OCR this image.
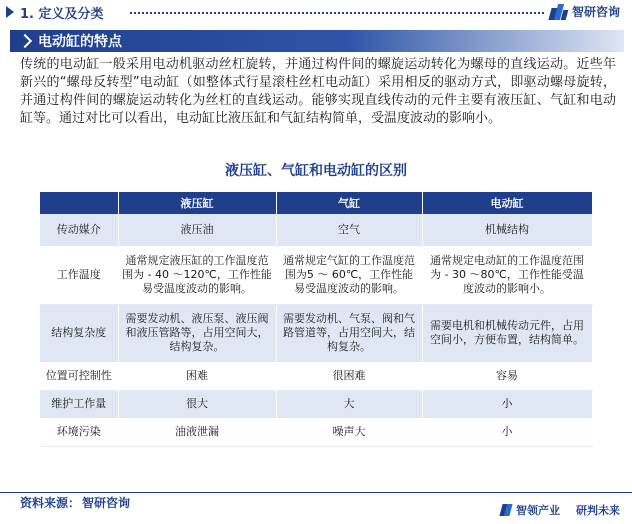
1. 定义及分类	智研咨询
电动缸的特点

传统的电动缸一般采用电动机驱动丝杠旋转，并通过构件间的螺旋运动转化为螺母的直线运动。近些年新兴的“螺母反转型”电动缸（如整体式行星滚柱丝杠电动缸）采用相反的驱动方式，即驱动螺母旋转，并通过构件间的螺旋运动转化为丝杠的直线运动。能够实现直线传动的元件主要有液压缸、气缸和电动缸等。通过对比可以看出，电动缸比液压缸和气缸结构简单，受温度波动的影响小。

液压缸、气缸和电动缸的区别
	液压缸	气缸	电动缸
传动媒介	液压油	空气	机械结构
工作温度	通常规定液压缸的工作温度范围为 - 40 ～120℃，工作性能易受温度波动的影响。	通常规定气缸的工作温度范围为5 ～ 60℃，工作性能易受温度波动的影响。	通常规定电动缸的工作温度范围为 - 30 ～80℃，工作性能受温度波动的影响小。
结构复杂度	需要发动机、液压泵、液压阀和液压管路等，占用空间大，结构复杂。	需要发动机、气泵、阀和气路管道等，占用空间大，结构复杂。	需要电机和机械传动元件，占用空间小，方便布置，结构简单。
位置可控制性	困难	很困难	容易
维护工作量	很大	大	小
环境污染	油液泄漏	噪声大	小
资料来源： 智研咨询
智领产业 研判未来
